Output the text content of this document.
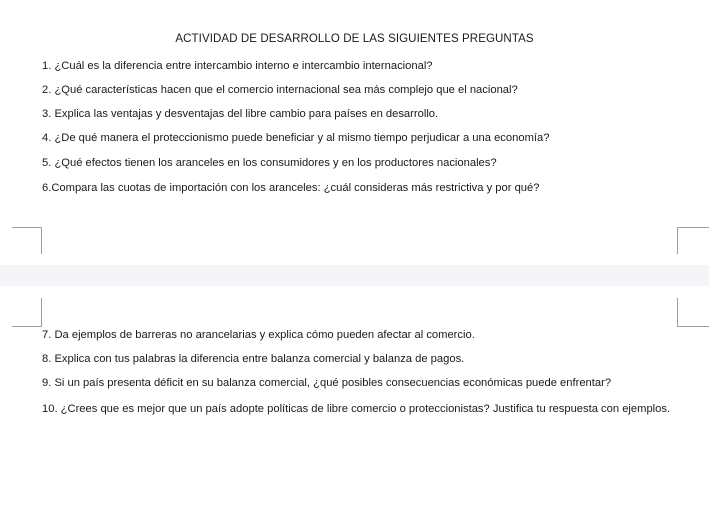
ACTIVIDAD DE DESARROLLO DE LAS SIGUIENTES PREGUNTAS
1. ¿Cuál es la diferencia entre intercambio interno e intercambio internacional?
2. ¿Qué características hacen que el comercio internacional sea más complejo que el nacional?
3. Explica las ventajas y desventajas del libre cambio para países en desarrollo.
4. ¿De qué manera el proteccionismo puede beneficiar y al mismo tiempo perjudicar a una economía?
5. ¿Qué efectos tienen los aranceles en los consumidores y en los productores nacionales?
6.Compara las cuotas de importación con los aranceles: ¿cuál consideras más restrictiva y por qué?
7. Da ejemplos de barreras no arancelarias y explica cómo pueden afectar al comercio.
8. Explica con tus palabras la diferencia entre balanza comercial y balanza de pagos.
9. Si un país presenta déficit en su balanza comercial, ¿qué posibles consecuencias económicas puede enfrentar?
10. ¿Crees que es mejor que un país adopte políticas de libre comercio o proteccionistas? Justifica tu respuesta con ejemplos.
